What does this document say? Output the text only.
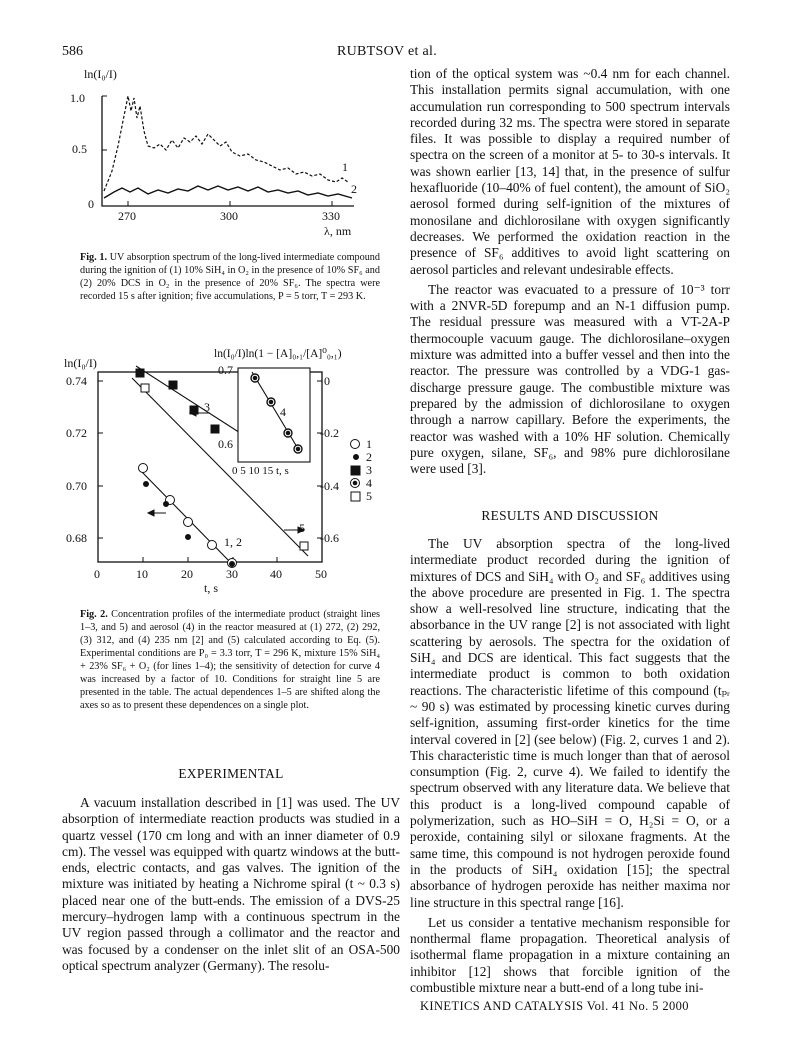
586	RUBTSOV et al.
ln(I₀/I)
1.0
0.5
0
1
2
270	300	330
λ, nm
Fig. 1. UV absorption spectrum of the long-lived intermediate compound during the ignition of (1) 10% SiH₄ in O₂ in the presence of 10% SF₆ and (2) 20% DCS in O₂ in the presence of 20% SF₆. The spectra were recorded 15 s after ignition; five accumulations, P = 5 torr, T = 293 K.
ln(I₀/I)
0.74
0.72
0.70
0.68
ln(I₀/I)ln(1 − [A]₀,₁/[A]⁰₀,₁)
0
-0.2
-0.4
-0.6
0	10	20	30	40	50
t, s
3
5
1, 2
0.7
0.6
0 5 10 15 t, s
4
1
2
3
4
5
Fig. 2. Concentration profiles of the intermediate product (straight lines 1–3, and 5) and aerosol (4) in the reactor measured at (1) 272, (2) 292, (3) 312, and (4) 235 nm [2] and (5) calculated according to Eq. (5). Experimental conditions are P₀ = 3.3 torr, T = 296 K, mixture 15% SiH₄ + 23% SF₆ + O₂ (for lines 1–4); the sensitivity of detection for curve 4 was increased by a factor of 10. Conditions for straight line 5 are presented in the table. The actual dependences 1–5 are shifted along the axes so as to present these dependences on a single plot.
EXPERIMENTAL

A vacuum installation described in [1] was used. The UV absorption of intermediate reaction products was studied in a quartz vessel (170 cm long and with an inner diameter of 0.9 cm). The vessel was equipped with quartz windows at the butt-ends, electric contacts, and gas valves. The ignition of the mixture was initiated by heating a Nichrome spiral (t ~ 0.3 s) placed near one of the butt-ends. The emission of a DVS-25 mercury–hydrogen lamp with a continuous spectrum in the UV region passed through a collimator and the reactor and was focused by a condenser on the inlet slit of an OSA-500 optical spectrum analyzer (Germany). The resolu-

tion of the optical system was ~0.4 nm for each channel. This installation permits signal accumulation, with one accumulation run corresponding to 500 spectrum intervals recorded during 32 ms. The spectra were stored in separate files. It was possible to display a required number of spectra on the screen of a monitor at 5- to 30-s intervals. It was shown earlier [13, 14] that, in the presence of sulfur hexafluoride (10–40% of fuel content), the amount of SiO₂ aerosol formed during self-ignition of the mixtures of monosilane and dichlorosilane with oxygen significantly decreases. We performed the oxidation reaction in the presence of SF₆ additives to avoid light scattering on aerosol particles and relevant undesirable effects.

The reactor was evacuated to a pressure of 10⁻³ torr with a 2NVR-5D forepump and an N-1 diffusion pump. The residual pressure was measured with a VT-2A-P thermocouple vacuum gauge. The dichlorosilane–oxygen mixture was admitted into a buffer vessel and then into the reactor. The pressure was controlled by a VDG-1 gas-discharge pressure gauge. The combustible mixture was prepared by the admission of dichlorosilane to oxygen through a narrow capillary. Before the experiments, the reactor was washed with a 10% HF solution. Chemically pure oxygen, silane, SF₆, and 98% pure dichlorosilane were used [3].

RESULTS AND DISCUSSION

The UV absorption spectra of the long-lived intermediate product recorded during the ignition of mixtures of DCS and SiH₄ with O₂ and SF₆ additives using the above procedure are presented in Fig. 1. The spectra show a well-resolved line structure, indicating that the absorbance in the UV range [2] is not associated with light scattering by aerosols. The spectra for the oxidation of SiH₄ and DCS are identical. This fact suggests that the intermediate product is common to both oxidation reactions. The characteristic lifetime of this compound (tₚᵣ ~ 90 s) was estimated by processing kinetic curves during self-ignition, assuming first-order kinetics for the time interval covered in [2] (see below) (Fig. 2, curves 1 and 2). This characteristic time is much longer than that of aerosol consumption (Fig. 2, curve 4). We failed to identify the spectrum observed with any literature data. We believe that this product is a long-lived compound capable of polymerization, such as HO–SiH = O, H₂Si = O, or a peroxide, containing silyl or siloxane fragments. At the same time, this compound is not hydrogen peroxide found in the products of SiH₄ oxidation [15]; the spectral absorbance of hydrogen peroxide has neither maxima nor line structure in this spectral range [16].

Let us consider a tentative mechanism responsible for nonthermal flame propagation. Theoretical analysis of isothermal flame propagation in a mixture containing an inhibitor [12] shows that forcible ignition of the combustible mixture near a butt-end of a long tube ini-

KINETICS AND CATALYSIS Vol. 41 No. 5 2000
